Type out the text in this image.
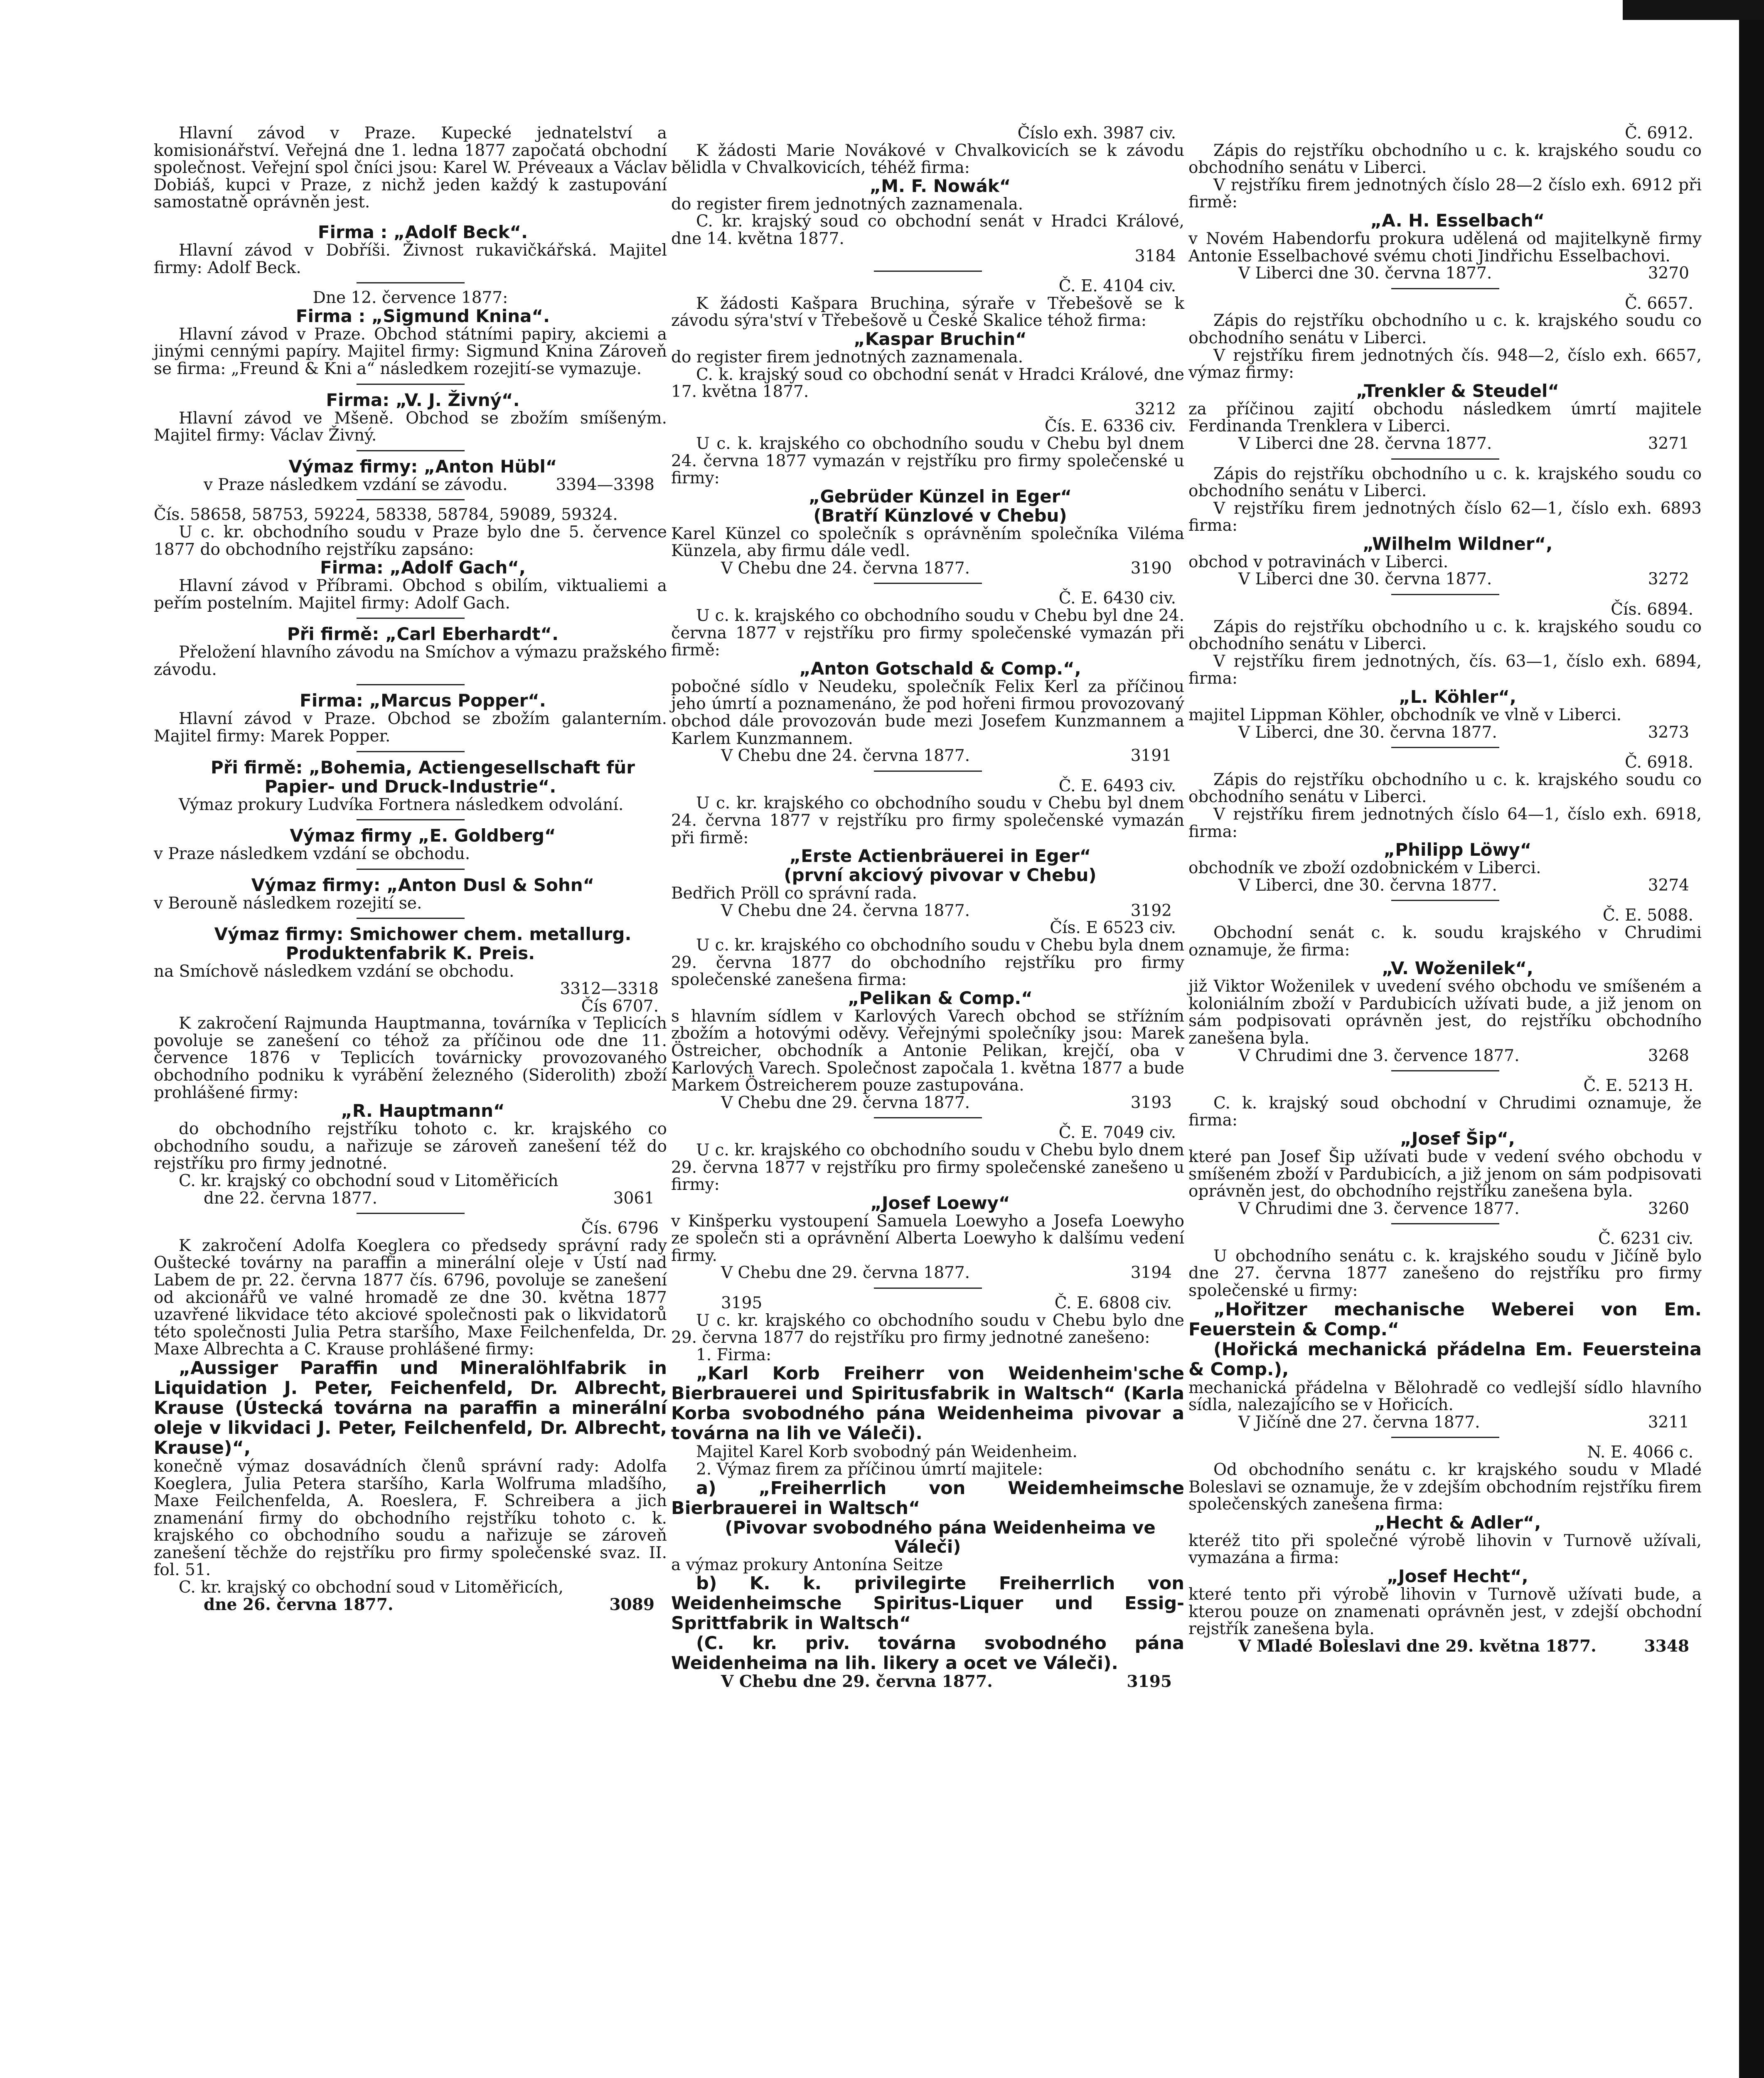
Hlavní závod v Praze. Kupecké jednatelství a komisionářství. Veřejná dne 1. ledna 1877 započatá obchodní společnost. Veřejní spol čníci jsou: Karel W. Préveaux a Václav Dobiáš, kupci v Praze, z nichž jeden každý k zastupování samostatně oprávněn jest.

Firma : „Adolf Beck“.

Hlavní závod v Dobříši. Živnost rukavičkářská. Majitel firmy: Adolf Beck.

Dne 12. července 1877:

Firma : „Sigmund Knina“.

Hlavní závod v Praze. Obchod státními papiry, akciemi a jinými cennými papíry. Majitel firmy: Sigmund Knina Zároveň se firma: „Freund & Kni a“ následkem rozejití-se vymazuje.

Firma: „V. J. Živný“.

Hlavní závod ve Mšeně. Obchod se zbožím smíšeným. Majitel firmy: Václav Živný.

Výmaz firmy: „Anton Hübl“

v Praze následkem vzdání se závodu.	3394—3398

Čís. 58658, 58753, 59224, 58338, 58784, 59089, 59324.

U c. kr. obchodního soudu v Praze bylo dne 5. července 1877 do obchodního rejstříku zapsáno:

Firma: „Adolf Gach“,

Hlavní závod v Příbrami. Obchod s obilím, viktualiemi a peřím postelním. Majitel firmy: Adolf Gach.

Při firmě: „Carl Eberhardt“.

Přeložení hlavního závodu na Smíchov a výmazu pražského závodu.

Firma: „Marcus Popper“.

Hlavní závod v Praze. Obchod se zbožím galanterním. Majitel firmy: Marek Popper.

Při firmě: „Bohemia, Actiengesellschaft für Papier- und Druck-Industrie“.

Výmaz prokury Ludvíka Fortnera následkem odvolání.

Výmaz firmy „E. Goldberg“

v Praze následkem vzdání se obchodu.

Výmaz firmy: „Anton Dusl & Sohn“

v Berouně následkem rozejití se.

Výmaz firmy: Smichower chem. metallurg. Produktenfabrik K. Preis.

na Smíchově následkem vzdání se obchodu.

3312—3318

Čís 6707.

K zakročení Rajmunda Hauptmanna, továrníka v Teplicích povoluje se zanešení co téhož za příčinou ode dne 11. července 1876 v Teplicích továrnicky provozovaného obchodního podniku k vyrábění železného (Siderolith) zboží prohlášené firmy:

„R. Hauptmann“

do obchodního rejstříku tohoto c. kr. krajského co obchodního soudu, a nařizuje se zároveň zanešení též do rejstříku pro firmy jednotné.

C. kr. krajský co obchodní soud v Litoměřicích

dne 22. června 1877.	3061

Čís. 6796

K zakročení Adolfa Koeglera co předsedy správní rady Ouštecké továrny na paraffin a minerální oleje v Ústí nad Labem de pr. 22. června 1877 čís. 6796, povoluje se zanešení od akcionářů ve valné hromadě ze dne 30. května 1877 uzavřené likvidace této akciové společnosti pak o likvidatorů této společnosti Julia Petra staršího, Maxe Feilchenfelda, Dr. Maxe Albrechta a C. Krause prohlášené firmy:

„Aussiger Paraffin und Mineralöhlfabrik in Liquidation J. Peter, Feichenfeld, Dr. Albrecht, Krause (Ústecká továrna na paraffin a minerální oleje v likvidaci J. Peter, Feilchenfeld, Dr. Albrecht, Krause)“,

konečně výmaz dosavádních členů správní rady: Adolfa Koeglera, Julia Petera staršího, Karla Wolfruma mladšího, Maxe Feilchenfelda, A. Roeslera, F. Schreibera a jich znamenání firmy do obchodního rejstříku tohoto c. k. krajského co obchodního soudu a nařizuje se zároveň zanešení těchže do rejstříku pro firmy společenské svaz. II. fol. 51.

C. kr. krajský co obchodní soud v Litoměřicích,

dne 26. června 1877.	3089

Číslo exh. 3987 civ.

K žádosti Marie Novákové v Chvalkovicích se k závodu bělidla v Chvalkovicích, téhéž firma:

„M. F. Nowák“

do register firem jednotných zaznamenala.

C. kr. krajský soud co obchodní senát v Hradci Králové, dne 14. května 1877.

3184

Č. E. 4104 civ.

K žádosti Kašpara Bruchina, sýraře v Třebešově se k závodu sýra'ství v Třebešově u České Skalice téhož firma:

„Kaspar Bruchin“

do register firem jednotných zaznamenala.

C. k. krajský soud co obchodní senát v Hradci Králové, dne 17. května 1877.

3212

Čís. E. 6336 civ.

U c. k. krajského co obchodního soudu v Chebu byl dnem 24. června 1877 vymazán v rejstříku pro firmy společenské u firmy:

„Gebrüder Künzel in Eger“

(Bratří Künzlové v Chebu)

Karel Künzel co společník s oprávněním společníka Viléma Künzela, aby firmu dále vedl.

V Chebu dne 24. června 1877.	3190

Č. E. 6430 civ.

U c. k. krajského co obchodního soudu v Chebu byl dne 24. června 1877 v rejstříku pro firmy společenské vymazán při firmě:

„Anton Gotschald & Comp.“,

pobočné sídlo v Neudeku, společník Felix Kerl za příčinou jeho úmrtí a poznamenáno, že pod hořeni firmou provozovaný obchod dále provozován bude mezi Josefem Kunzmannem a Karlem Kunzmannem.

V Chebu dne 24. června 1877.	3191

Č. E. 6493 civ.

U c. kr. krajského co obchodního soudu v Chebu byl dnem 24. června 1877 v rejstříku pro firmy společenské vymazán při firmě:

„Erste Actienbräuerei in Eger“

(první akciový pivovar v Chebu)

Bedřich Pröll co správní rada.

V Chebu dne 24. června 1877.	3192

Čís. E 6523 civ.

U c. kr. krajského co obchodního soudu v Chebu byla dnem 29. června 1877 do obchodního rejstříku pro firmy společenské zanešena firma:

„Pelikan & Comp.“

s hlavním sídlem v Karlových Varech obchod se stříżním zbožím a hotovými oděvy. Veřejnými společníky jsou: Marek Östreicher, obchodník a Antonie Pelikan, krejčí, oba v Karlových Varech. Společnost započala 1. května 1877 a bude Markem Östreicherem pouze zastupována.

V Chebu dne 29. června 1877.	3193

Č. E. 7049 civ.

U c. kr. krajského co obchodního soudu v Chebu bylo dnem 29. června 1877 v rejstříku pro firmy společenské zanešeno u firmy:

„Josef Loewy“

v Kinšperku vystoupení Samuela Loewyho a Josefa Loewyho ze společn sti a oprávnění Alberta Loewyho k dalšímu vedení firmy.

V Chebu dne 29. června 1877.	3194

3195	Č. E. 6808 civ.

U c. kr. krajského co obchodního soudu v Chebu bylo dne 29. června 1877 do rejstříku pro firmy jednotné zanešeno:

1. Firma:

„Karl Korb Freiherr von Weidenheim'sche Bierbrauerei und Spiritusfabrik in Waltsch“ (Karla Korba svobodného pána Weidenheima pivovar a továrna na lih ve Váleči).

Majitel Karel Korb svobodný pán Weidenheim.

2. Výmaz firem za příčinou úmrtí majitele:

a) „Freiherrlich von Weidemheimsche Bierbrauerei in Waltsch“

(Pivovar svobodného pána Weidenheima ve Váleči)

a výmaz prokury Antonína Seitze

b) K. k. privilegirte Freiherrlich von Weidenheimsche Spiritus-Liquer und Essig-Sprittfabrik in Waltsch“

(C. kr. priv. továrna svobodného pána Weidenheima na lih. likery a ocet ve Váleči).

V Chebu dne 29. června 1877.	3195

Č. 6912.

Zápis do rejstříku obchodního u c. k. krajského soudu co obchodního senátu v Liberci.

V rejstříku firem jednotných číslo 28—2 číslo exh. 6912 při firmě:

„A. H. Esselbach“

v Novém Habendorfu prokura udělená od majitelkyně firmy Antonie Esselbachové svému choti Jindřichu Esselbachovi.

V Liberci dne 30. června 1877.	3270

Č. 6657.

Zápis do rejstříku obchodního u c. k. krajského soudu co obchodního senátu v Liberci.

V rejstříku firem jednotných čís. 948—2, číslo exh. 6657, výmaz firmy:

„Trenkler & Steudel“

za příčinou zajití obchodu následkem úmrtí majitele Ferdinanda Trenklera v Liberci.

V Liberci dne 28. června 1877.	3271

Zápis do rejstříku obchodního u c. k. krajského soudu co obchodního senátu v Liberci.

V rejstříku firem jednotných číslo 62—1, číslo exh. 6893 firma:

„Wilhelm Wildner“,

obchod v potravinách v Liberci.

V Liberci dne 30. června 1877.	3272

Čís. 6894.

Zápis do rejstříku obchodního u c. k. krajského soudu co obchodního senátu v Liberci.

V rejstříku firem jednotných, čís. 63—1, číslo exh. 6894, firma:

„L. Köhler“,

majitel Lippman Köhler, obchodník ve vlně v Liberci.

V Liberci, dne 30. června 1877.	3273

Č. 6918.

Zápis do rejstříku obchodního u c. k. krajského soudu co obchodního senátu v Liberci.

V rejstříku firem jednotných číslo 64—1, číslo exh. 6918, firma:

„Philipp Löwy“

obchodník ve zboží ozdobnickém v Liberci.

V Liberci, dne 30. června 1877.	3274

Č. E. 5088.

Obchodní senát c. k. soudu krajského v Chrudimi oznamuje, že firma:

„V. Woženilek“,

již Viktor Woženilek v uvedení svého obchodu ve smíšeném a koloniálním zboží v Pardubicích užívati bude, a již jenom on sám podpisovati oprávněn jest, do rejstříku obchodního zanešena byla.

V Chrudimi dne 3. července 1877.	3268

Č. E. 5213 H.

C. k. krajský soud obchodní v Chrudimi oznamuje, že firma:

„Josef Šip“,

které pan Josef Šip užívati bude v vedení svého obchodu v smíšeném zboží v Pardubicích, a již jenom on sám podpisovati oprávněn jest, do obchodního rejstříku zanešena byla.

V Chrudimi dne 3. července 1877.	3260

Č. 6231 civ.

U obchodního senátu c. k. krajského soudu v Jičíně bylo dne 27. června 1877 zanešeno do rejstříku pro firmy společenské u firmy:

„Hořitzer mechanische Weberei von Em. Feuerstein & Comp.“

(Hořická mechanická přádelna Em. Feuersteina & Comp.),

mechanická přádelna v Bělohradě co vedlejší sídlo hlavního sídla, nalezajícího se v Hořicích.

V Jičíně dne 27. června 1877.	3211

N. E. 4066 c.

Od obchodního senátu c. kr krajského soudu v Mladé Boleslavi se oznamuje, že v zdejším obchodním rejstříku firem společenských zanešena firma:

„Hecht & Adler“,

kteréž tito při společné výrobě lihovin v Turnově užívali, vymazána a firma:

„Josef Hecht“,

které tento při výrobě lihovin v Turnově užívati bude, a kterou pouze on znamenati oprávněn jest, v zdejší obchodní rejstřík zanešena byla.

V Mladé Boleslavi dne 29. května 1877.	3348
